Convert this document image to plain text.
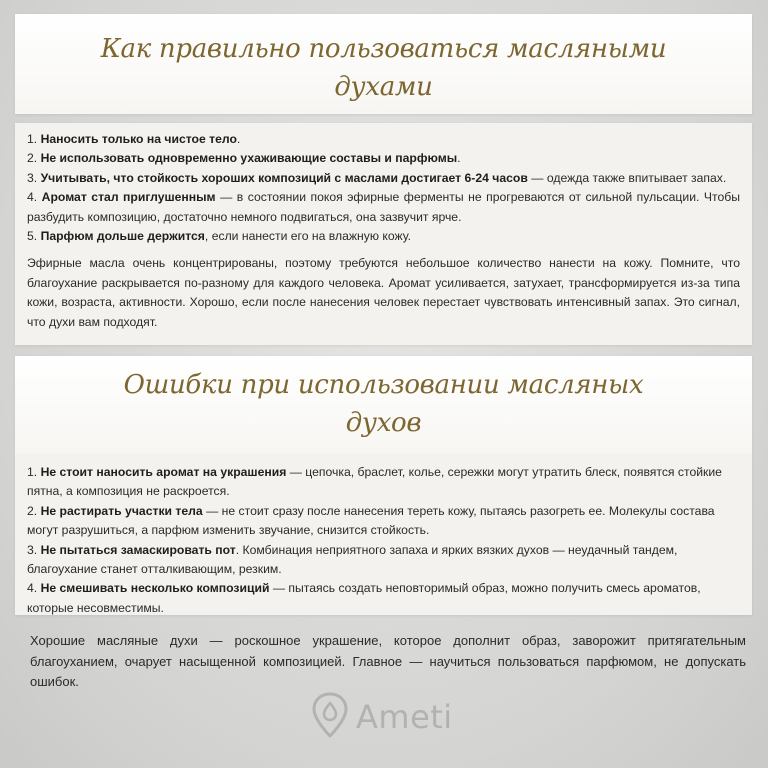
Как правильно пользоваться масляными
духами

1. Наносить только на чистое тело.

2. Не использовать одновременно ухаживающие составы и парфюмы.

3. Учитывать, что стойкость хороших композиций с маслами достигает 6-24 часов — одежда также впитывает запах.

4. Аромат стал приглушенным — в состоянии покоя эфирные ферменты не прогреваются от сильной пульсации. Чтобы разбудить композицию, достаточно немного подвигаться, она зазвучит ярче.

5. Парфюм дольше держится, если нанести его на влажную кожу.

Эфирные масла очень концентрированы, поэтому требуются небольшое количество нанести на кожу. Помните, что благоухание раскрывается по-разному для каждого человека. Аромат усиливается, затухает, трансформируется из-за типа кожи, возраста, активности. Хорошо, если после нанесения человек перестает чувствовать интенсивный запах. Это сигнал, что духи вам подходят.

Ошибки при использовании масляных
духов

1. Не стоит наносить аромат на украшения — цепочка, браслет, колье, сережки могут утратить блеск, появятся стойкие пятна, а композиция не раскроется.

2. Не растирать участки тела — не стоит сразу после нанесения тереть кожу, пытаясь разогреть ее. Молекулы состава могут разрушиться, а парфюм изменить звучание, снизится стойкость.

3. Не пытаться замаскировать пот. Комбинация неприятного запаха и ярких вязких духов — неудачный тандем, благоухание станет отталкивающим, резким.

4. Не смешивать несколько композиций — пытаясь создать неповторимый образ, можно получить смесь ароматов, которые несовместимы.

Хорошие масляные духи — роскошное украшение, которое дополнит образ, заворожит притягательным благоуханием, очарует насыщенной композицией. Главное — научиться пользоваться парфюмом, не допускать ошибок.

Ameti
